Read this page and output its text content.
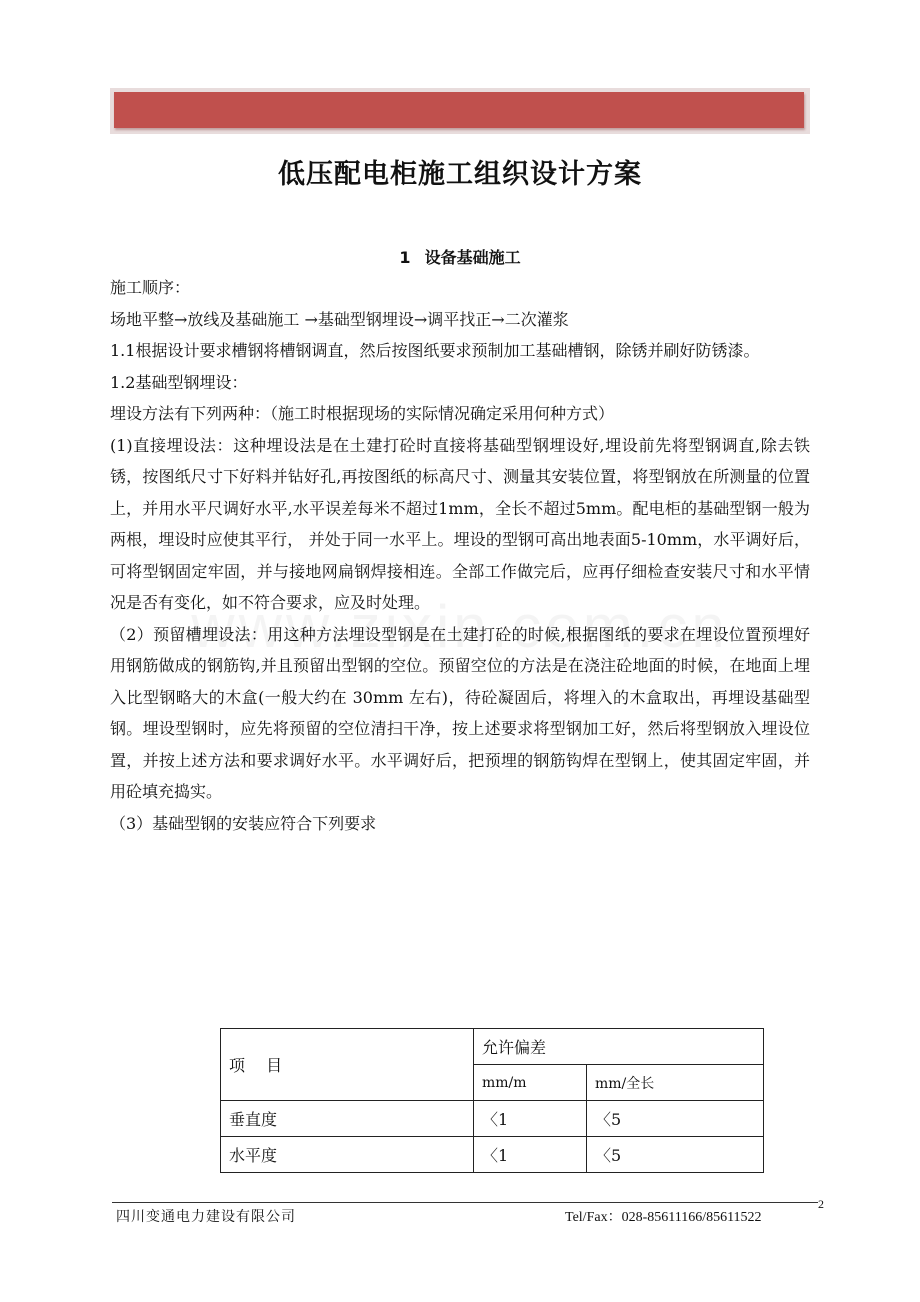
低压配电柜施工组织设计方案
1 设备基础施工

施工顺序：

场地平整→放线及基础施工 →基础型钢埋设→调平找正→二次灌浆

1.1根据设计要求槽钢将槽钢调直，然后按图纸要求预制加工基础槽钢，除锈并刷好防锈漆。

1.2基础型钢埋设：

埋设方法有下列两种：（施工时根据现场的实际情况确定采用何种方式）

(1)直接埋设法：这种埋设法是在土建打砼时直接将基础型钢埋设好,埋设前先将型钢调直,除去铁锈，按图纸尺寸下好料并钻好孔,再按图纸的标高尺寸、测量其安装位置，将型钢放在所测量的位置上，并用水平尺调好水平,水平误差每米不超过1mm，全长不超过5mm。配电柜的基础型钢一般为两根，埋设时应使其平行， 并处于同一水平上。埋设的型钢可高出地表面5-10mm，水平调好后，可将型钢固定牢固，并与接地网扁钢焊接相连。全部工作做完后，应再仔细检查安装尺寸和水平情况是否有变化，如不符合要求，应及时处理。

（2）预留槽埋设法：用这种方法埋设型钢是在土建打砼的时候,根据图纸的要求在埋设位置预埋好用钢筋做成的钢筋钩,并且预留出型钢的空位。预留空位的方法是在浇注砼地面的时候，在地面上埋入比型钢略大的木盒(一般大约在 30mm 左右)，待砼凝固后，将埋入的木盒取出，再埋设基础型钢。埋设型钢时，应先将预留的空位清扫干净，按上述要求将型钢加工好，然后将型钢放入埋设位置，并按上述方法和要求调好水平。水平调好后，把预埋的钢筋钩焊在型钢上，使其固定牢固，并用砼填充捣实。

（3）基础型钢的安装应符合下列要求

项　 目	允许偏差	
	mm/m	mm/全长
垂直度	〈1	〈5
水平度	〈1	〈5
2
四川变通电力建设有限公司	Tel/Fax：028-85611166/85611522
